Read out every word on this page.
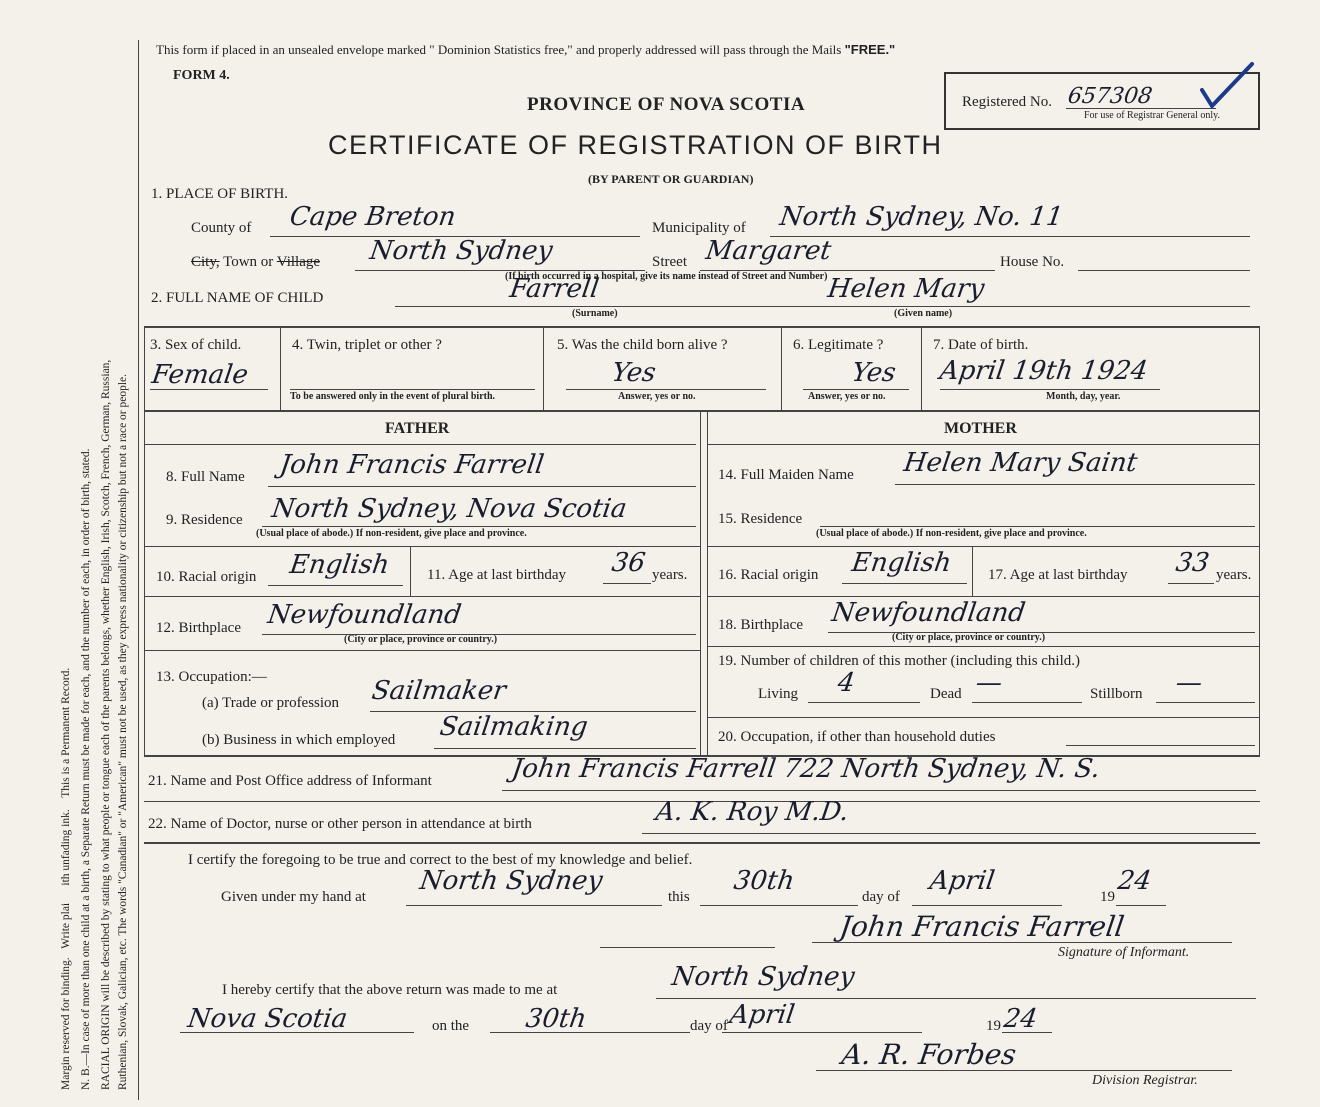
Margin reserved for binding.   Write plai      ith unfading ink.    This is a Permanent Record. N. B.—In case of more than one child at a birth, a Separate Return must be made for each, and the number of each, in order of birth, stated. RACIAL ORIGIN will be described by stating to what people or tongue each of the parents belongs, whether English, Irish, Scotch, French, German, Russian, Ruthenian, Slovak, Galician, etc. The words "Canadian" or "American" must not be used, as they express nationality or citizenship but not a race or people.
This form if placed in an unsealed envelope marked " Dominion Statistics free," and properly addressed will pass through the Mails "FREE."
FORM 4.
PROVINCE OF NOVA SCOTIA
CERTIFICATE OF REGISTRATION OF BIRTH
(BY PARENT OR GUARDIAN)
Registered No. 657308
For use of Registrar General only.
1. PLACE OF BIRTH.
County of Cape Breton	Municipality of North Sydney, No. 11
City, Town or Village North Sydney	Street Margaret	House No.
(If birth occurred in a hospital, give its name instead of Street and Number)
2. FULL NAME OF CHILD	Farrell	Helen Mary
(Surname)	(Given name)
3. Sex of child.
Female
4. Twin, triplet or other ?
To be answered only in the event of plural birth.
5. Was the child born alive ?
Yes
Answer, yes or no.
6. Legitimate ?
Yes
Answer, yes or no.
7. Date of birth.
April 19th 1924
Month, day, year.
FATHER	MOTHER
8. Full Name John Francis Farrell
9. Residence North Sydney, Nova Scotia
(Usual place of abode.) If non-resident, give place and province.
10. Racial origin English 11. Age at last birthday 36 years.
12. Birthplace Newfoundland
(City or place, province or country.)
13. Occupation:—
(a) Trade or profession Sailmaker
(b) Business in which employed Sailmaking
14. Full Maiden Name Helen Mary Saint
15. Residence
(Usual place of abode.) If non-resident, give place and province.
16. Racial origin English 17. Age at last birthday 33 years.
18. Birthplace Newfoundland
(City or place, province or country.)
19. Number of children of this mother (including this child.)
Living 4	Dead —	Stillborn —
20. Occupation, if other than household duties
21. Name and Post Office address of Informant	John Francis Farrell 722 North Sydney, N. S.
22. Name of Doctor, nurse or other person in attendance at birth	A. K. Roy M.D.
I certify the foregoing to be true and correct to the best of my knowledge and belief.
Given under my hand at
North Sydney
this
30th
day of
April
19
24
John Francis Farrell
Signature of Informant.
I hereby certify that the above return was made to me at	North Sydney
Nova Scotia	on the 30th	day of April	19 24
A. R. Forbes
Division Registrar.
